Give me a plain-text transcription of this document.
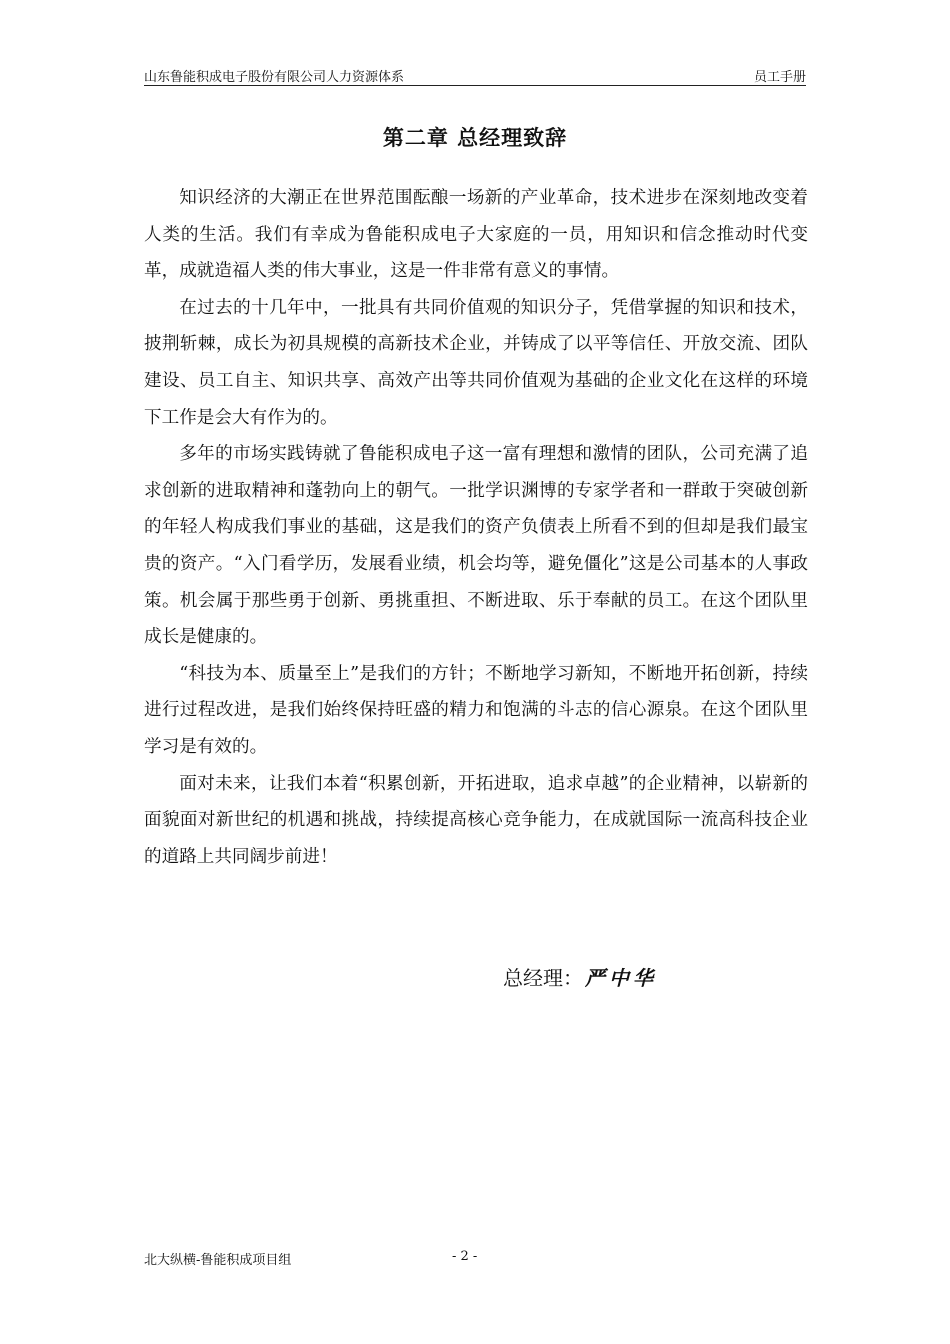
山东鲁能积成电子股份有限公司人力资源体系	员工手册
第二章 总经理致辞

知识经济的大潮正在世界范围酝酿一场新的产业革命，技术进步在深刻地改变着人类的生活。我们有幸成为鲁能积成电子大家庭的一员，用知识和信念推动时代变革，成就造福人类的伟大事业，这是一件非常有意义的事情。

在过去的十几年中，一批具有共同价值观的知识分子，凭借掌握的知识和技术，披荆斩棘，成长为初具规模的高新技术企业，并铸成了以平等信任、开放交流、团队建设、员工自主、知识共享、高效产出等共同价值观为基础的企业文化在这样的环境下工作是会大有作为的。

多年的市场实践铸就了鲁能积成电子这一富有理想和激情的团队，公司充满了追求创新的进取精神和蓬勃向上的朝气。一批学识渊博的专家学者和一群敢于突破创新的年轻人构成我们事业的基础，这是我们的资产负债表上所看不到的但却是我们最宝贵的资产。“入门看学历，发展看业绩，机会均等，避免僵化”这是公司基本的人事政策。机会属于那些勇于创新、勇挑重担、不断进取、乐于奉献的员工。在这个团队里成长是健康的。

“科技为本、质量至上”是我们的方针；不断地学习新知，不断地开拓创新，持续进行过程改进，是我们始终保持旺盛的精力和饱满的斗志的信心源泉。在这个团队里学习是有效的。

面对未来，让我们本着“积累创新，开拓进取，追求卓越”的企业精神，以崭新的面貌面对新世纪的机遇和挑战，持续提高核心竞争能力，在成就国际一流高科技企业的道路上共同阔步前进！

总经理： 严中华
北大纵横-鲁能积成项目组	- 2 -
